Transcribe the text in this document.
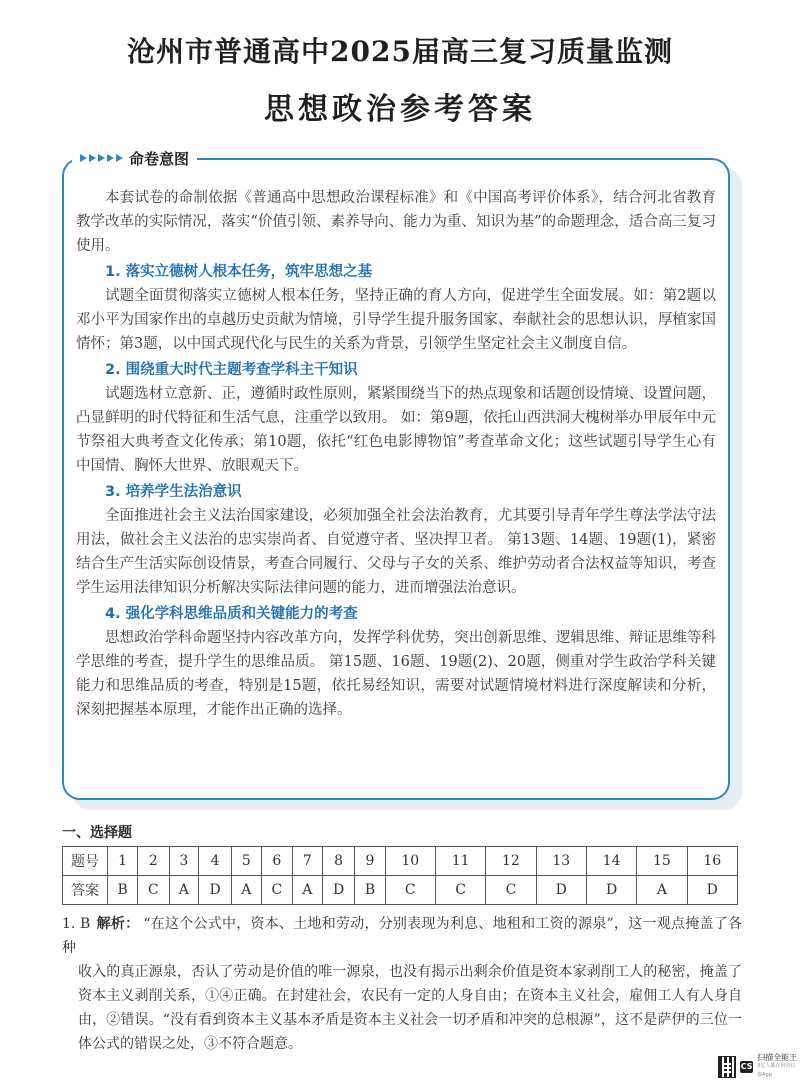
沧州市普通高中2025届高三复习质量监测
思想政治参考答案
命卷意图

本套试卷的命制依据《普通高中思想政治课程标准》和《中国高考评价体系》，结合河北省教育教学改革的实际情况，落实“价值引领、素养导向、能力为重、知识为基”的命题理念，适合高三复习使用。

1. 落实立德树人根本任务，筑牢思想之基

试题全面贯彻落实立德树人根本任务，坚持正确的育人方向，促进学生全面发展。如：第2题以邓小平为国家作出的卓越历史贡献为情境，引导学生提升服务国家、奉献社会的思想认识，厚植家国情怀；第3题，以中国式现代化与民生的关系为背景，引领学生坚定社会主义制度自信。

2. 围绕重大时代主题考查学科主干知识

试题选材立意新、正，遵循时政性原则，紧紧围绕当下的热点现象和话题创设情境、设置问题，凸显鲜明的时代特征和生活气息，注重学以致用。 如：第9题，依托山西洪洞大槐树举办甲辰年中元节祭祖大典考查文化传承；第10题，依托“红色电影博物馆”考查革命文化；这些试题引导学生心有中国情、胸怀大世界、放眼观天下。

3. 培养学生法治意识

全面推进社会主义法治国家建设，必须加强全社会法治教育，尤其要引导青年学生尊法学法守法用法，做社会主义法治的忠实崇尚者、自觉遵守者、坚决捍卫者。 第13题、14题、19题(1)，紧密结合生产生活实际创设情景，考查合同履行、父母与子女的关系、维护劳动者合法权益等知识，考查学生运用法律知识分析解决实际法律问题的能力，进而增强法治意识。

4. 强化学科思维品质和关键能力的考查

思想政治学科命题坚持内容改革方向，发挥学科优势，突出创新思维、逻辑思维、辩证思维等科学思维的考查，提升学生的思维品质。 第15题、16题、19题(2)、20题，侧重对学生政治学科关键能力和思维品质的考查，特别是15题，依托易经知识，需要对试题情境材料进行深度解读和分析，深刻把握基本原理，才能作出正确的选择。

一、选择题
题号	1	2	3	4	5	6	7	8	9	10	11	12	13	14	15	16
答案	B	C	A	D	A	C	A	D	B	C	C	C	D	D	A	D

1. B 解析： “在这个公式中，资本、土地和劳动，分别表现为利息、地租和工资的源泉”，这一观点掩盖了各种

收入的真正源泉，否认了劳动是价值的唯一源泉，也没有揭示出剩余价值是资本家剥削工人的秘密，掩盖了资本主义剥削关系，①④正确。在封建社会，农民有一定的人身自由；在资本主义社会，雇佣工人有人身自由，②错误。“没有看到资本主义基本矛盾是资本主义社会一切矛盾和冲突的总根源”，这不是萨伊的三位一体公式的错误之处，③不符合题意。

CS
扫描全能王
3亿人都在用的扫描App
